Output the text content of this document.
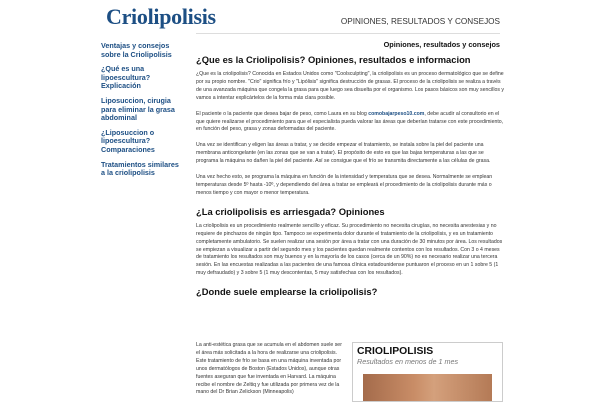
Criolipolisis	OPINIONES, RESULTADOS Y CONSEJOS
Opiniones, resultados y consejos
Ventajas y consejos sobre la Criolipolisis
¿Qué es una lipoescultura? Explicación
Liposuccion, cirugia para eliminar la grasa abdominal
¿Liposuccion o lipoescultura? Comparaciones
Tratamientos similares a la criolipolisis
¿Que es la Criolipolisis? Opiniones, resultados e informacion

¿Que es la criolipolisis? Conocida en Estados Unidos como "Coolsculpting", la criolipolisis es un proceso dermatológico que se define por su propio nombre. "Crio" significa frío y "Lipólisis" significa destrucción de grasas. El proceso de la criolipolisis se realiza a través de una avanzada máquina que congela la grasa para que luego sea disuelta por el organismo. Los pasos básicos son muy sencillos y vamos a intentar explicártelos de la forma más clara posible.

El paciente o la paciente que desea bajar de peso, como Laura en su blog comobajarpeso10.com, debe acudir al consultorio en el que quiere realizarse el procedimiento para que el especialista pueda valorar las áreas que deberían tratarse con este procedimiento, en función del peso, grasa y zonas deformadas del paciente.

Una vez se identifican y eligen las áreas a tratar, y se decide empezar el tratamiento, se instala sobre la piel del paciente una membrana anticongelante (en las zonas que se van a tratar). El propósito de esto es que las bajas temperaturas a las que se programa la máquina no dañen la piel del paciente. Así se consigue que el frío se transmita directamente a las células de grasa.

Una vez hecho esto, se programa la máquina en función de la intensidad y temperatura que se desea. Normalmente se emplean temperaturas desde 5º hasta -10º, y dependiendo del área a tratar se empleará el procedimiento de la criolipolisis durante más o menos tiempo y con mayor o menor temperatura.

¿La criolipolisis es arriesgada? Opiniones

La criolipolisis es un procedimiento realmente sencillo y eficaz. Su procedimiento no necesita cirugías, no necesita anestesias y no requiere de pinchazos de ningún tipo. Tampoco se experimenta dolor durante el tratamiento de la criolipolisis, y es un tratamiento completamente ambulatorio. Se suelen realizar una sesión por área a tratar con una duración de 30 minutos por área. Los resultados se empiezan a visualizar a partir del segundo mes y los pacientes quedan realmente contentos con los resultados. Con 3 o 4 meses de tratamiento los resultados son muy buenos y en la mayoría de los casos (cerca de un 90%) no es necesario realizar una tercera sesión. En las encuestas realizadas a las pacientes de una famosa clínica estadounidense puntuaron el proceso en un 1 sobre 5 (1 muy defraudado) y 3 sobre 5 (1 muy descontentas, 5 muy satisfechas con los resultados).

¿Donde suele emplearse la criolipolisis?

La anti-estética grasa que se acumula en el abdomen suele ser el área más solicitada a la hora de realizarse una criolipolisis. Este tratamiento de frío se basa en una máquina inventada por unos dermatólogos de Boston (Estados Unidos), aunque otras fuentes aseguran que fue inventada en Harvard. La máquina recibe el nombre de Zeltiq y fue utilizada por primera vez de la mano del Dr Brian Zelickson (Minneapolis)

CRIOLIPOLISIS
Resultados en menos de 1 mes
